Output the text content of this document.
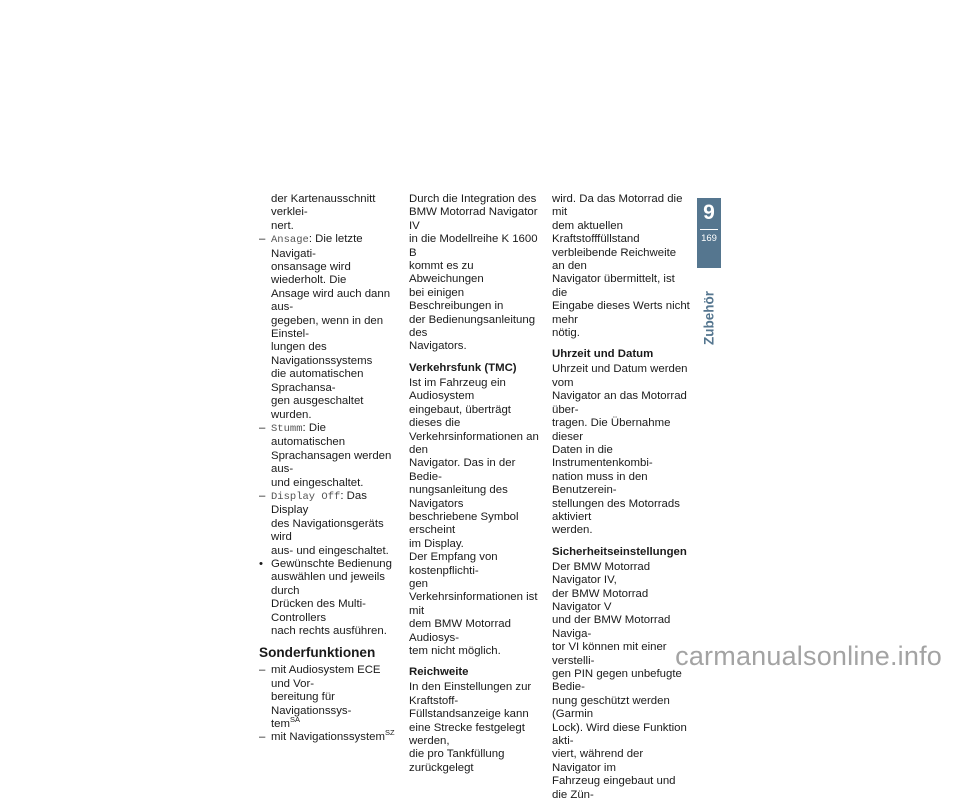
der Kartenausschnitt verklei-
nert.
– Ansage: Die letzte Navigati-
onsansage wird wiederholt. Die
Ansage wird auch dann aus-
gegeben, wenn in den Einstel-
lungen des Navigationssystems
die automatischen Sprachansa-
gen ausgeschaltet wurden.
– Stumm: Die automatischen
Sprachansagen werden aus-
und eingeschaltet.
– Display Off: Das Display
des Navigationsgeräts wird
aus- und eingeschaltet.
• Gewünschte Bedienung
auswählen und jeweils durch
Drücken des Multi-Controllers
nach rechts ausführen.
Sonderfunktionen
– mit Audiosystem ECE und Vor-
bereitung für Navigationssys-
tem$^{SA}$
– mit Navigationssystem$^{SZ}$
Durch die Integration des
BMW Motorrad Navigator IV
in die Modellreihe K 1600 B
kommt es zu Abweichungen
bei einigen Beschreibungen in
der Bedienungsanleitung des
Navigators.
Verkehrsfunk (TMC)
Ist im Fahrzeug ein Audiosystem
eingebaut, überträgt dieses die
Verkehrsinformationen an den
Navigator. Das in der Bedie-
nungsanleitung des Navigators
beschriebene Symbol erscheint
im Display.
Der Empfang von kostenpflichti-
gen Verkehrsinformationen ist mit
dem BMW Motorrad Audiosys-
tem nicht möglich.
Reichweite
In den Einstellungen zur
Kraftstoff-Füllstandsanzeige kann
eine Strecke festgelegt werden,
die pro Tankfüllung zurückgelegt
wird. Da das Motorrad die mit
dem aktuellen Kraftstofffüllstand
verbleibende Reichweite an den
Navigator übermittelt, ist die
Eingabe dieses Werts nicht mehr
nötig.
Uhrzeit und Datum
Uhrzeit und Datum werden vom
Navigator an das Motorrad über-
tragen. Die Übernahme dieser
Daten in die Instrumentenkombi-
nation muss in den Benutzerein-
stellungen des Motorrads aktiviert
werden.
Sicherheitseinstellungen
Der BMW Motorrad Navigator IV,
der BMW Motorrad Navigator V
und der BMW Motorrad Naviga-
tor VI können mit einer verstelli-
gen PIN gegen unbefugte Bedie-
nung geschützt werden (Garmin
Lock). Wird diese Funktion akti-
viert, während der Navigator im
Fahrzeug eingebaut und die Zün-
9
169
Zubehör
carmanualsonline.info
